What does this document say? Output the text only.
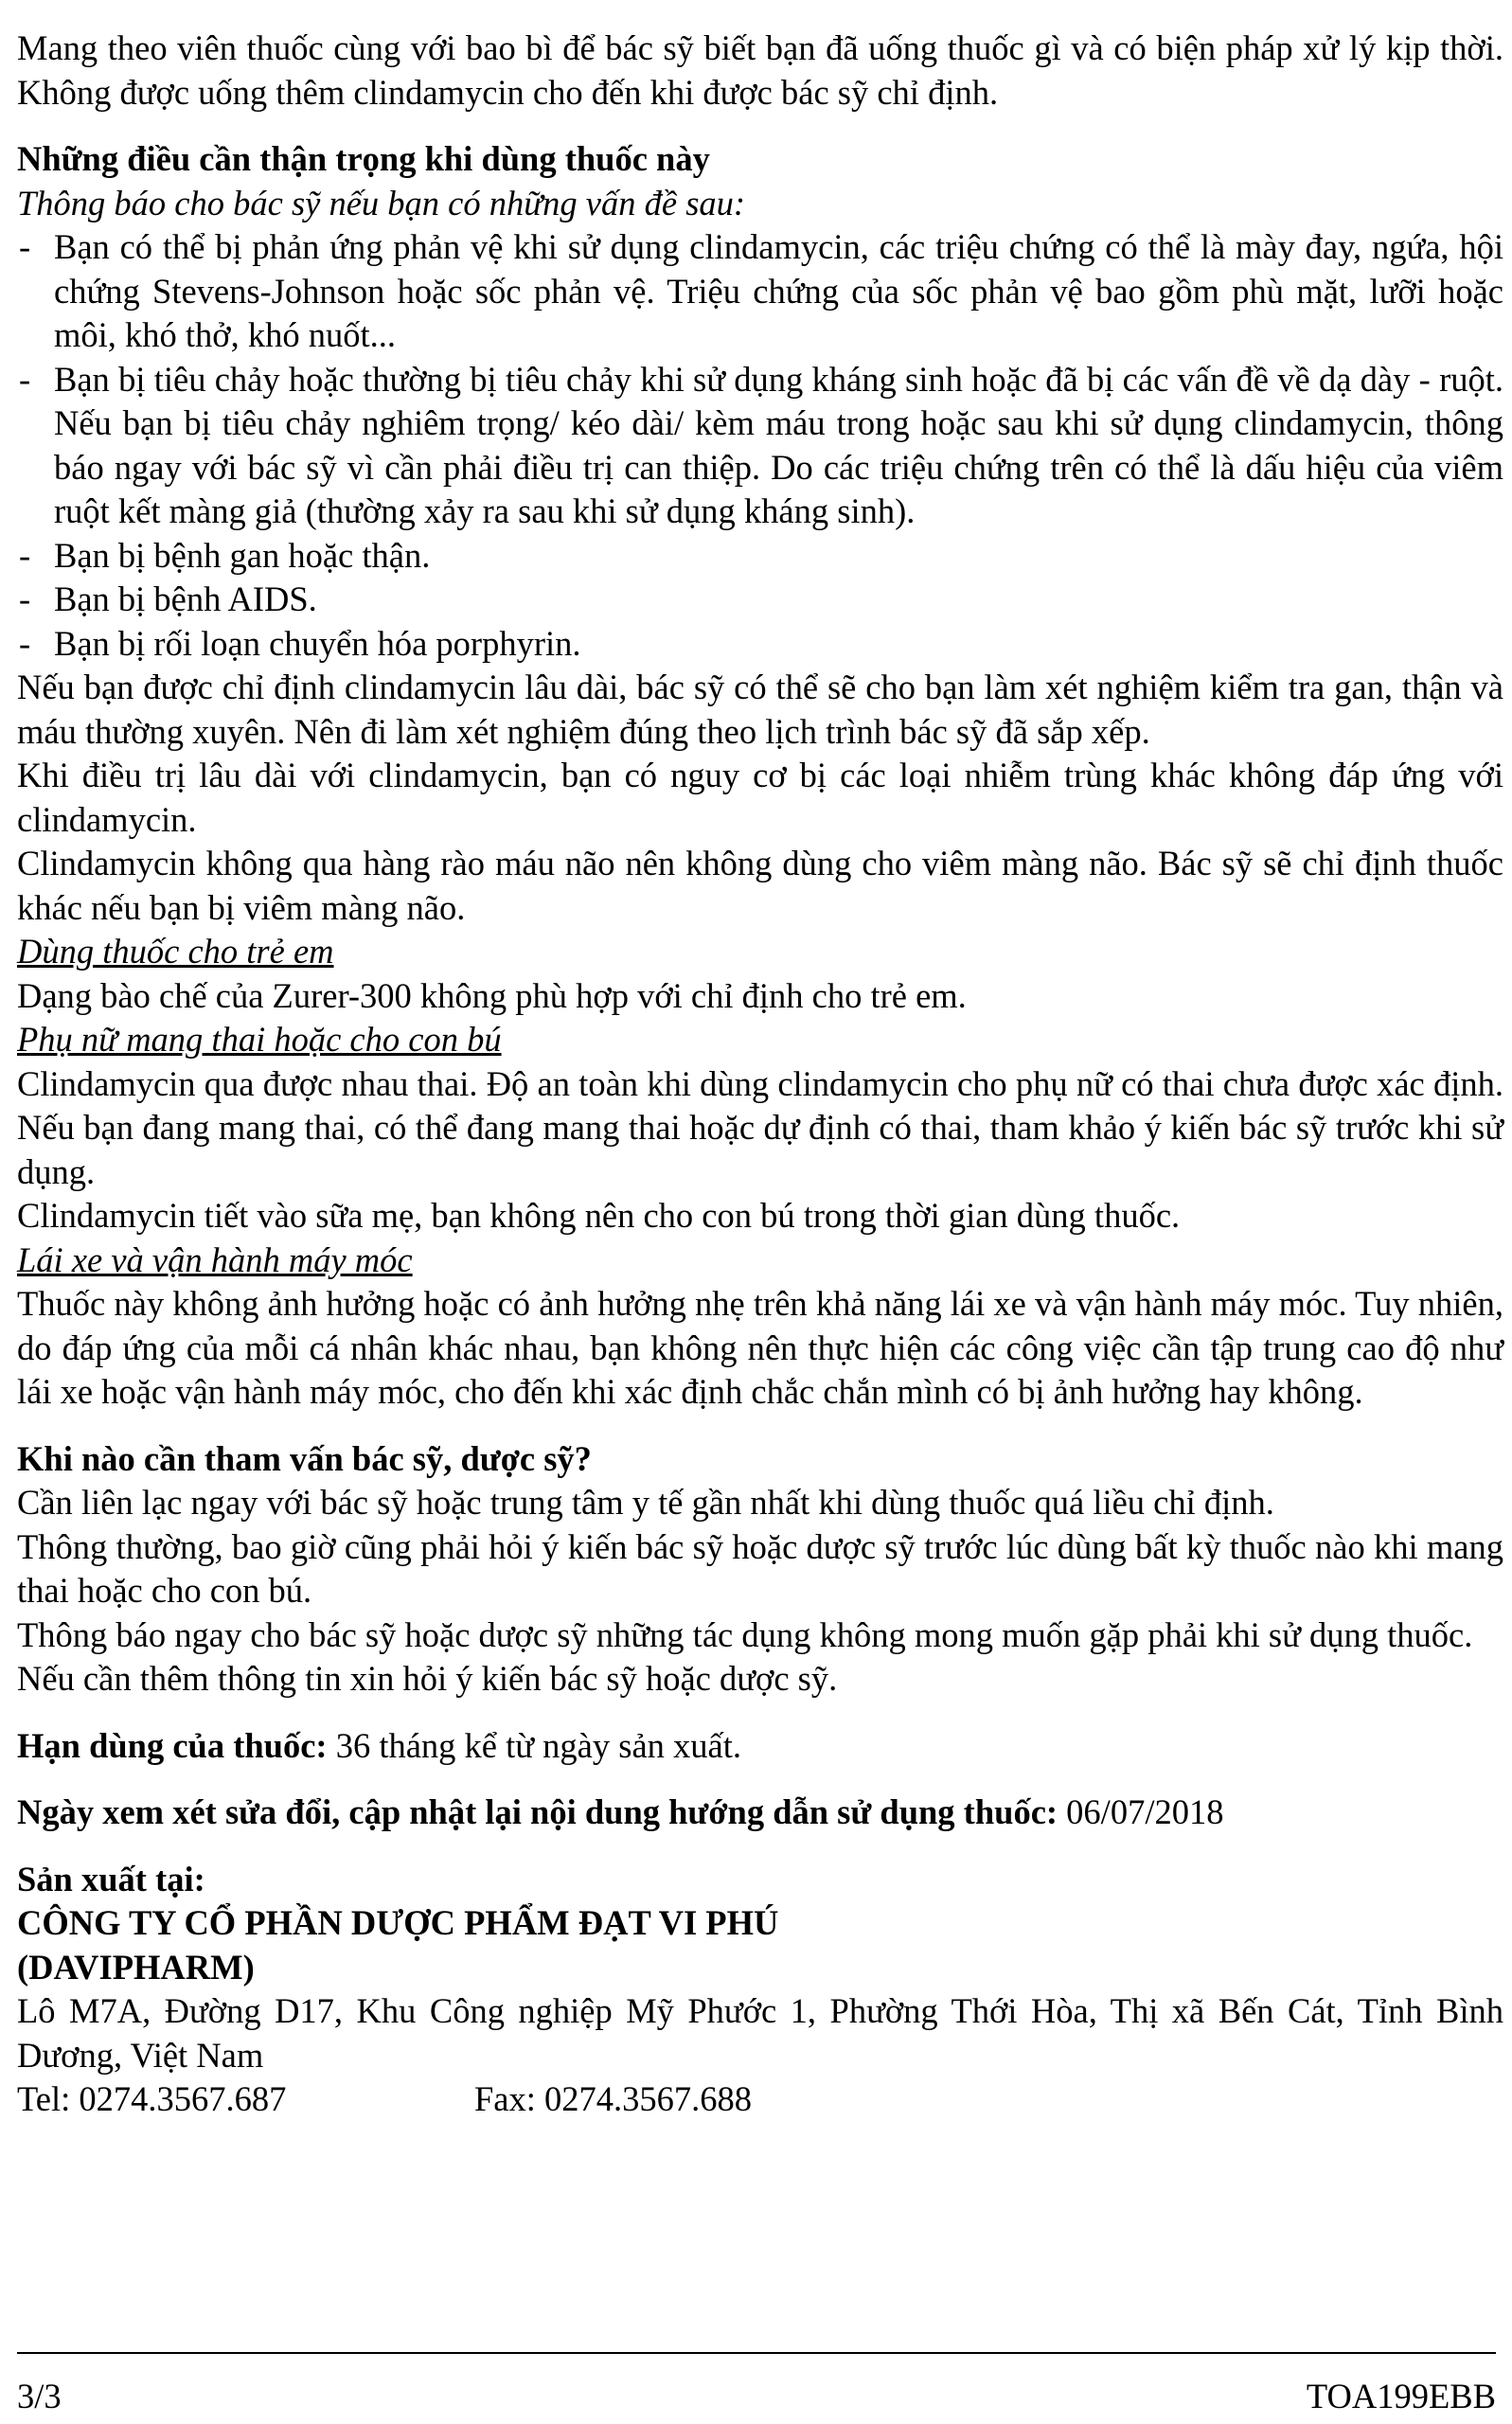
Mang theo viên thuốc cùng với bao bì để bác sỹ biết bạn đã uống thuốc gì và có biện pháp xử lý kịp thời. Không được uống thêm clindamycin cho đến khi được bác sỹ chỉ định.

Những điều cần thận trọng khi dùng thuốc này

Thông báo cho bác sỹ nếu bạn có những vấn đề sau:

- Bạn có thể bị phản ứng phản vệ khi sử dụng clindamycin, các triệu chứng có thể là mày đay, ngứa, hội chứng Stevens-Johnson hoặc sốc phản vệ. Triệu chứng của sốc phản vệ bao gồm phù mặt, lưỡi hoặc môi, khó thở, khó nuốt...
- Bạn bị tiêu chảy hoặc thường bị tiêu chảy khi sử dụng kháng sinh hoặc đã bị các vấn đề về dạ dày - ruột. Nếu bạn bị tiêu chảy nghiêm trọng/ kéo dài/ kèm máu trong hoặc sau khi sử dụng clindamycin, thông báo ngay với bác sỹ vì cần phải điều trị can thiệp. Do các triệu chứng trên có thể là dấu hiệu của viêm ruột kết màng giả (thường xảy ra sau khi sử dụng kháng sinh).
- Bạn bị bệnh gan hoặc thận.
- Bạn bị bệnh AIDS.
- Bạn bị rối loạn chuyển hóa porphyrin.

Nếu bạn được chỉ định clindamycin lâu dài, bác sỹ có thể sẽ cho bạn làm xét nghiệm kiểm tra gan, thận và máu thường xuyên. Nên đi làm xét nghiệm đúng theo lịch trình bác sỹ đã sắp xếp.

Khi điều trị lâu dài với clindamycin, bạn có nguy cơ bị các loại nhiễm trùng khác không đáp ứng với clindamycin.

Clindamycin không qua hàng rào máu não nên không dùng cho viêm màng não. Bác sỹ sẽ chỉ định thuốc khác nếu bạn bị viêm màng não.

Dùng thuốc cho trẻ em

Dạng bào chế của Zurer-300 không phù hợp với chỉ định cho trẻ em.

Phụ nữ mang thai hoặc cho con bú

Clindamycin qua được nhau thai. Độ an toàn khi dùng clindamycin cho phụ nữ có thai chưa được xác định. Nếu bạn đang mang thai, có thể đang mang thai hoặc dự định có thai, tham khảo ý kiến bác sỹ trước khi sử dụng.

Clindamycin tiết vào sữa mẹ, bạn không nên cho con bú trong thời gian dùng thuốc.

Lái xe và vận hành máy móc

Thuốc này không ảnh hưởng hoặc có ảnh hưởng nhẹ trên khả năng lái xe và vận hành máy móc. Tuy nhiên, do đáp ứng của mỗi cá nhân khác nhau, bạn không nên thực hiện các công việc cần tập trung cao độ như lái xe hoặc vận hành máy móc, cho đến khi xác định chắc chắn mình có bị ảnh hưởng hay không.

Khi nào cần tham vấn bác sỹ, dược sỹ?

Cần liên lạc ngay với bác sỹ hoặc trung tâm y tế gần nhất khi dùng thuốc quá liều chỉ định.

Thông thường, bao giờ cũng phải hỏi ý kiến bác sỹ hoặc dược sỹ trước lúc dùng bất kỳ thuốc nào khi mang thai hoặc cho con bú.

Thông báo ngay cho bác sỹ hoặc dược sỹ những tác dụng không mong muốn gặp phải khi sử dụng thuốc.

Nếu cần thêm thông tin xin hỏi ý kiến bác sỹ hoặc dược sỹ.

Hạn dùng của thuốc: 36 tháng kể từ ngày sản xuất.

Ngày xem xét sửa đổi, cập nhật lại nội dung hướng dẫn sử dụng thuốc: 06/07/2018

Sản xuất tại:

CÔNG TY CỔ PHẦN DƯỢC PHẨM ĐẠT VI PHÚ

(DAVIPHARM)

Lô M7A, Đường D17, Khu Công nghiệp Mỹ Phước 1, Phường Thới Hòa, Thị xã Bến Cát, Tỉnh Bình Dương, Việt Nam

Tel: 0274.3567.687	Fax: 0274.3567.688
3/3	TOA199EBB
